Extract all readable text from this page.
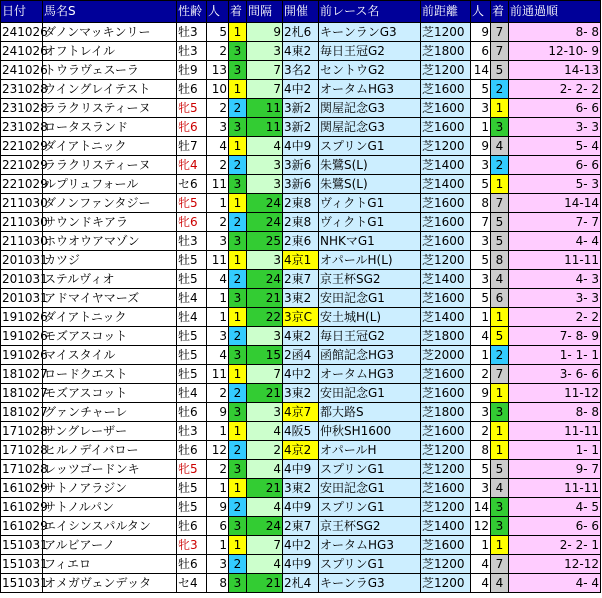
日付	馬名S	性齢	人	着	間隔	開催	前レース名	前距離	人	着	前通過順
241026	ダノンマッキンリー	牡3	5	1	9	2札6	キーンランG3	芝1200	9	7	8- 8
241026	オフトレイル	牡3	2	3	3	4東2	毎日王冠G2	芝1800	6	7	12-10- 9
241026	トウラヴェスーラ	牡9	13	3	7	3名2	セントウG2	芝1200	14	5	14-13
231028	ウイングレイテスト	牡6	10	1	7	4中2	オータムHG3	芝1600	5	2	2- 2- 2
231028	ララクリスティーヌ	牝5	2	2	11	3新2	関屋記念G3	芝1600	3	1	6- 6
231028	ロータスランド	牝6	3	3	11	3新2	関屋記念G3	芝1600	1	3	3- 3
221029	ダイアトニック	牡7	4	1	4	4中9	スプリンG1	芝1200	9	4	5- 4
221029	ララクリスティーヌ	牝4	2	2	3	3新6	朱鷺S(L)	芝1400	3	2	6- 6
221029	ルプリュフォール	セ6	11	3	3	3新6	朱鷺S(L)	芝1400	5	1	5- 3
211030	ダノンファンタジー	牝5	1	1	24	2東8	ヴィクトG1	芝1600	8	7	14-14
211030	サウンドキアラ	牝6	2	2	24	2東8	ヴィクトG1	芝1600	7	5	7- 7
211030	ホウオウアマゾン	牡3	3	3	25	2東6	NHKマG1	芝1600	3	5	4- 4
201031	カツジ	牡5	11	1	3	4京1	オパールH(L)	芝1200	5	8	11-11
201031	ステルヴィオ	牡5	4	2	24	2東7	京王杯SG2	芝1400	3	4	4- 3
201031	アドマイヤマーズ	牡4	1	3	21	3東2	安田記念G1	芝1600	5	6	3- 3
191026	ダイアトニック	牡4	1	1	22	3京C	安土城H(L)	芝1400	1	1	2- 2
191026	モズアスコット	牡5	3	2	3	4東2	毎日王冠G2	芝1800	4	5	7- 8- 9
191026	マイスタイル	牡5	4	3	15	2函4	函館記念HG3	芝2000	1	2	1- 1- 1
181027	ロードクエスト	牡5	11	1	7	4中2	オータムHG3	芝1600	2	7	3- 6- 6
181027	モズアスコット	牡4	2	2	21	3東2	安田記念G1	芝1600	9	1	11-12
181027	グァンチャーレ	牡6	9	3	3	4京7	都大路S	芝1800	3	3	8- 8
171028	サングレーザー	牡3	1	1	4	4阪5	仲秋SH1600	芝1600	2	1	11-11
171028	ヒルノデイバロー	牡6	12	2	2	4京2	オパールH	芝1200	8	1	1- 1
171028	レッツゴードンキ	牝5	2	3	4	4中9	スプリンG1	芝1200	5	5	9- 7
161029	サトノアラジン	牡5	1	1	21	3東2	安田記念G1	芝1600	3	4	11-11
161029	サトノルパン	牡5	9	2	4	4中9	スプリンG1	芝1200	14	3	4- 5
161029	エイシンスパルタン	牡6	6	3	24	2東7	京王杯SG2	芝1400	12	3	6- 6
151031	アルビアーノ	牝3	1	1	7	4中2	オータムHG3	芝1600	1	1	2- 2- 1
151031	フィエロ	牡6	3	2	4	4中9	スプリンG1	芝1200	4	7	12-12
151031	オメガヴェンデッタ	セ4	8	3	21	2札4	キーンラG3	芝1200	4	4	4- 4
